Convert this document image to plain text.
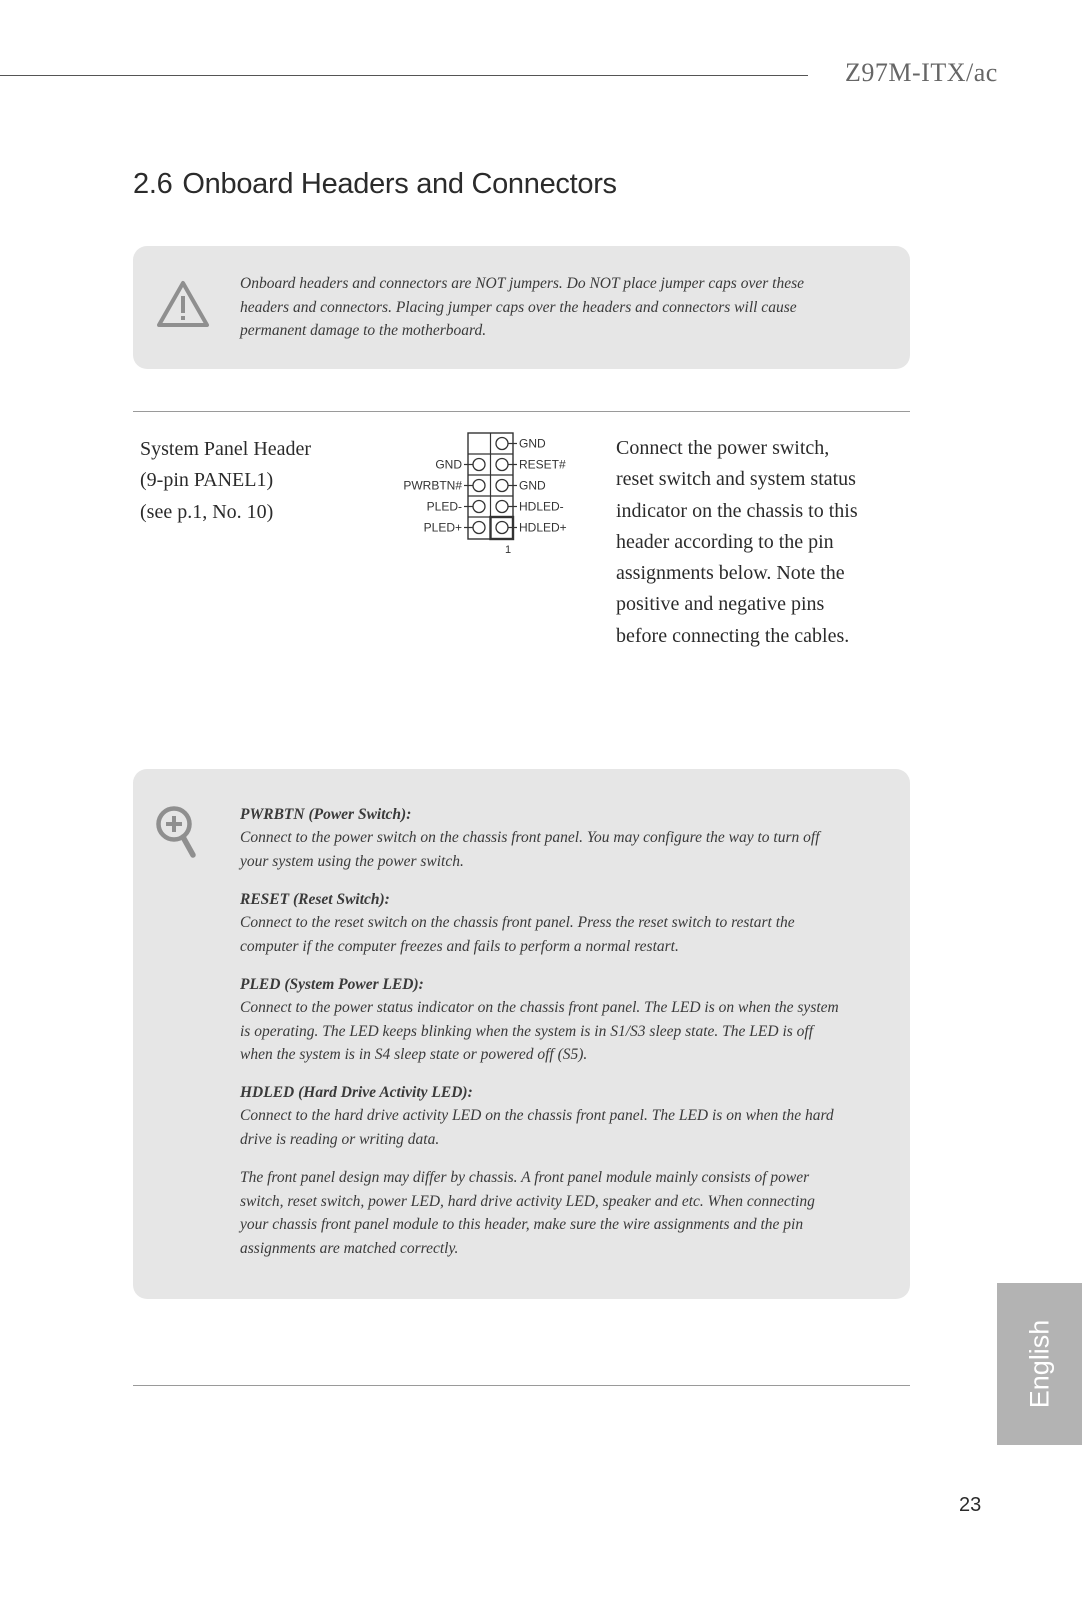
Z97M-ITX/ac
2.6 Onboard Headers and Connectors
Onboard headers and connectors are NOT jumpers. Do NOT place jumper caps over these headers and connectors. Placing jumper caps over the headers and connectors will cause permanent damage to the motherboard.
System Panel Header
(9-pin PANEL1)
(see p.1, No. 10)
GND
RESET#
GND
HDLED-
HDLED+
GND
PWRBTN#
PLED-
PLED+
1
Connect the power switch, reset switch and system status indicator on the chassis to this header according to the pin assignments below. Note the positive and negative pins before connecting the cables.
PWRBTN (Power Switch):
Connect to the power switch on the chassis front panel. You may configure the way to turn off your system using the power switch.
RESET (Reset Switch):
Connect to the reset switch on the chassis front panel. Press the reset switch to restart the computer if the computer freezes and fails to perform a normal restart.
PLED (System Power LED):
Connect to the power status indicator on the chassis front panel. The LED is on when the system is operating. The LED keeps blinking when the system is in S1/S3 sleep state. The LED is off when the system is in S4 sleep state or powered off (S5).
HDLED (Hard Drive Activity LED):
Connect to the hard drive activity LED on the chassis front panel. The LED is on when the hard drive is reading or writing data.
The front panel design may differ by chassis. A front panel module mainly consists of power switch, reset switch, power LED, hard drive activity LED, speaker and etc. When connecting your chassis front panel module to this header, make sure the wire assignments and the pin assignments are matched correctly.
English
23
